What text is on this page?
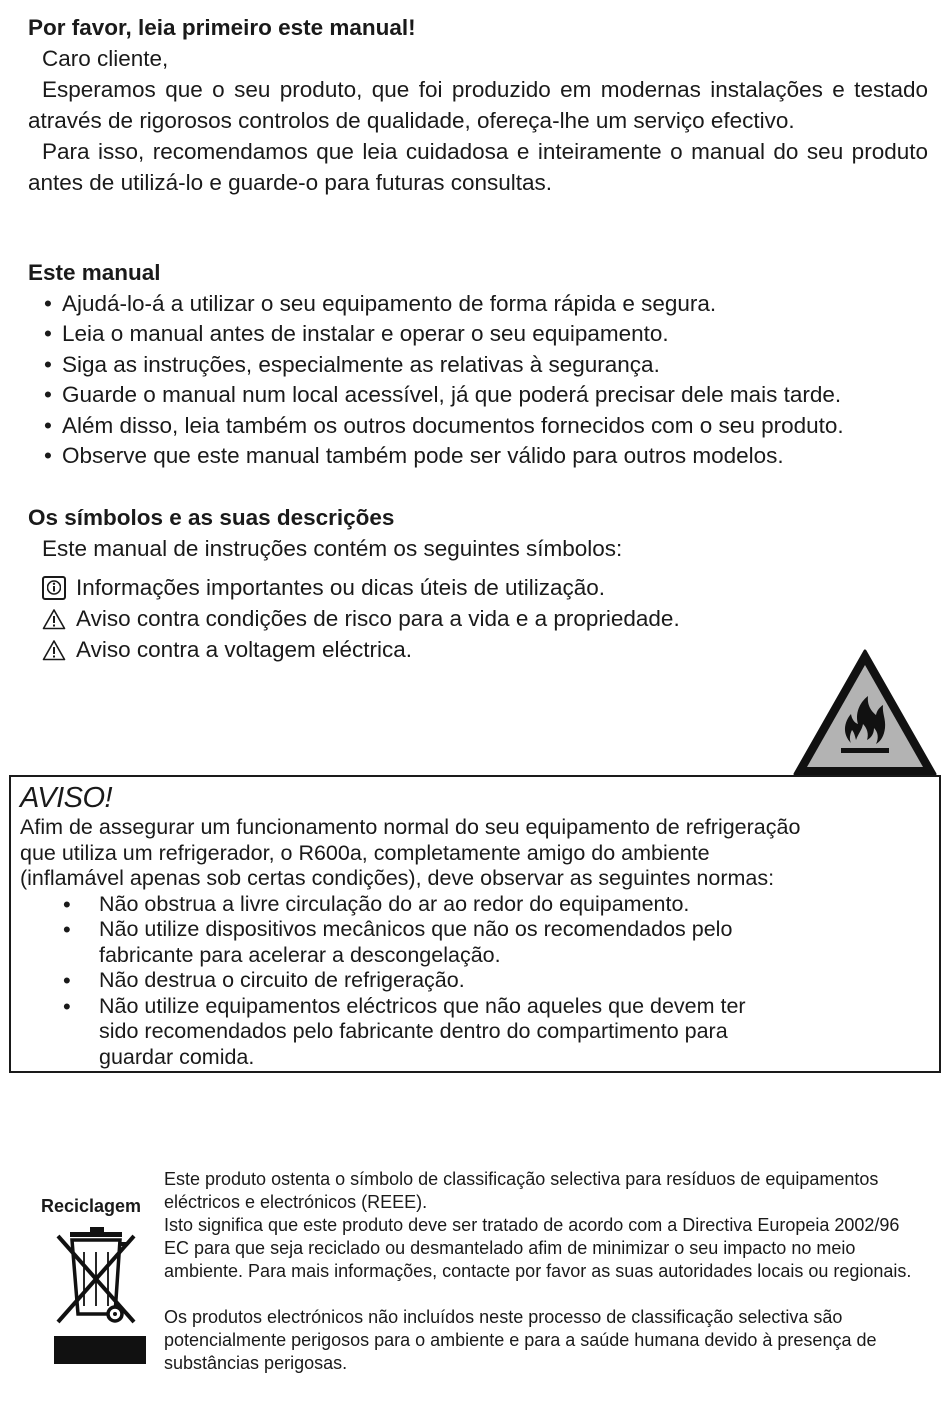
Por favor, leia primeiro este manual!

Caro cliente,

Esperamos que o seu produto, que foi produzido em modernas instalações e testado através de rigorosos controlos de qualidade, ofereça-lhe um serviço efectivo.

Para isso, recomendamos que leia cuidadosa e inteiramente o manual do seu produto antes de utilizá-lo e guarde-o para futuras consultas.

Este manual

• Ajudá-lo-á a utilizar o seu equipamento de forma rápida e segura.
• Leia o manual antes de instalar e operar o seu equipamento.
• Siga as instruções, especialmente as relativas à segurança.
• Guarde o manual num local acessível, já que poderá precisar dele mais tarde.
• Além disso, leia também os outros documentos fornecidos com o seu produto.
• Observe que este manual também pode ser válido para outros modelos.

Os símbolos e as suas descrições

Este manual de instruções contém os seguintes símbolos:

Informações importantes ou dicas úteis de utilização.
Aviso contra condições de risco para a vida e a propriedade.
Aviso contra a voltagem eléctrica.

AVISO!

Afim de assegurar um funcionamento normal do seu equipamento de refrigeração

que utiliza um refrigerador, o R600a, completamente amigo do ambiente

(inflamável apenas sob certas condições), deve observar as seguintes normas:

• Não obstrua a livre circulação do ar ao redor do equipamento.
• Não utilize dispositivos mecânicos que não os recomendados pelo
fabricante para acelerar a descongelação.
• Não destrua o circuito de refrigeração.
• Não utilize equipamentos eléctricos que não aqueles que devem ter
sido recomendados pelo fabricante dentro do compartimento para
guardar comida.
Reciclagem

Este produto ostenta o símbolo de classificação selectiva para resíduos de equipamentos eléctricos e electrónicos (REEE).

Isto significa que este produto deve ser tratado de acordo com a Directiva Europeia 2002/96 EC para que seja reciclado ou desmantelado afim de minimizar o seu impacto no meio ambiente. Para mais informações, contacte por favor as suas autoridades locais ou regionais.

Os produtos electrónicos não incluídos neste processo de classificação selectiva são potencialmente perigosos para o ambiente e para a saúde humana devido à presença de substâncias perigosas.
